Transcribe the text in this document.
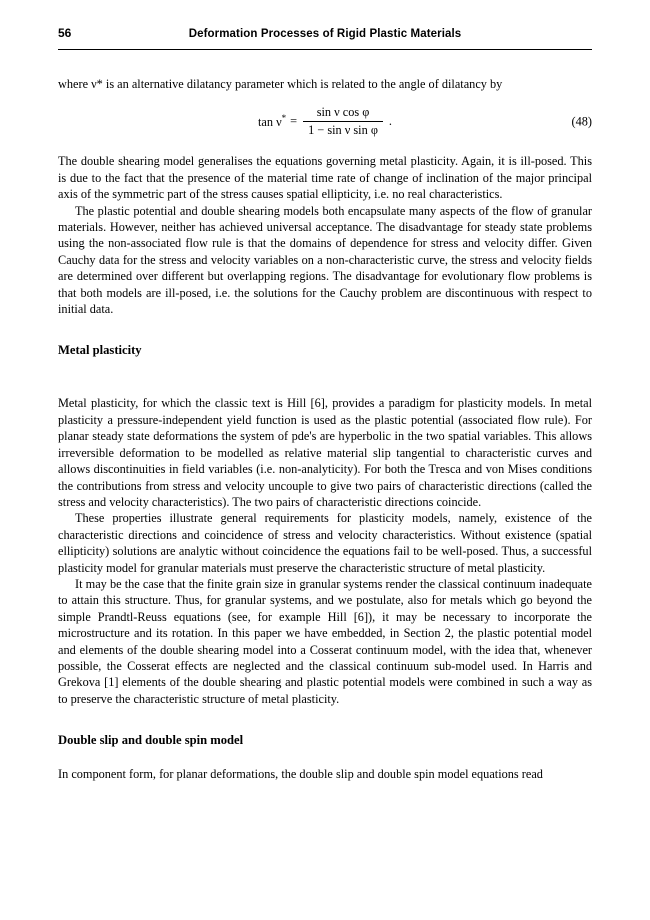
56	Deformation Processes of Rigid Plastic Materials

where ν* is an alternative dilatancy parameter which is related to the angle of dilatancy by

$\tan \nu^* = \frac{\text{sin ν cos φ}}{\text{1 − sin ν sin φ}}$ .	(48)

The double shearing model generalises the equations governing metal plasticity. Again, it is ill-posed. This is due to the fact that the presence of the material time rate of change of inclination of the major principal axis of the symmetric part of the stress causes spatial ellipticity, i.e. no real characteristics.

The plastic potential and double shearing models both encapsulate many aspects of the flow of granular materials. However, neither has achieved universal acceptance. The disadvantage for steady state problems using the non-associated flow rule is that the domains of dependence for stress and velocity differ. Given Cauchy data for the stress and velocity variables on a non-characteristic curve, the stress and velocity fields are determined over different but overlapping regions. The disadvantage for evolutionary flow problems is that both models are ill-posed, i.e. the solutions for the Cauchy problem are discontinuous with respect to initial data.

Metal plasticity

Metal plasticity, for which the classic text is Hill [6], provides a paradigm for plasticity models. In metal plasticity a pressure-independent yield function is used as the plastic potential (associated flow rule). For planar steady state deformations the system of pde's are hyperbolic in the two spatial variables. This allows irreversible deformation to be modelled as relative material slip tangential to characteristic curves and allows discontinuities in field variables (i.e. non-analyticity). For both the Tresca and von Mises conditions the contributions from stress and velocity uncouple to give two pairs of characteristic directions (called the stress and velocity characteristics). The two pairs of characteristic directions coincide.

These properties illustrate general requirements for plasticity models, namely, existence of the characteristic directions and coincidence of stress and velocity characteristics. Without existence (spatial ellipticity) solutions are analytic without coincidence the equations fail to be well-posed. Thus, a successful plasticity model for granular materials must preserve the characteristic structure of metal plasticity.

It may be the case that the finite grain size in granular systems render the classical continuum inadequate to attain this structure. Thus, for granular systems, and we postulate, also for metals which go beyond the simple Prandtl-Reuss equations (see, for example Hill [6]), it may be necessary to incorporate the microstructure and its rotation. In this paper we have embedded, in Section 2, the plastic potential model and elements of the double shearing model into a Cosserat continuum model, with the idea that, whenever possible, the Cosserat effects are neglected and the classical continuum sub-model used. In Harris and Grekova [1] elements of the double shearing and plastic potential models were combined in such a way as to preserve the characteristic structure of metal plasticity.

Double slip and double spin model

In component form, for planar deformations, the double slip and double spin model equations read
